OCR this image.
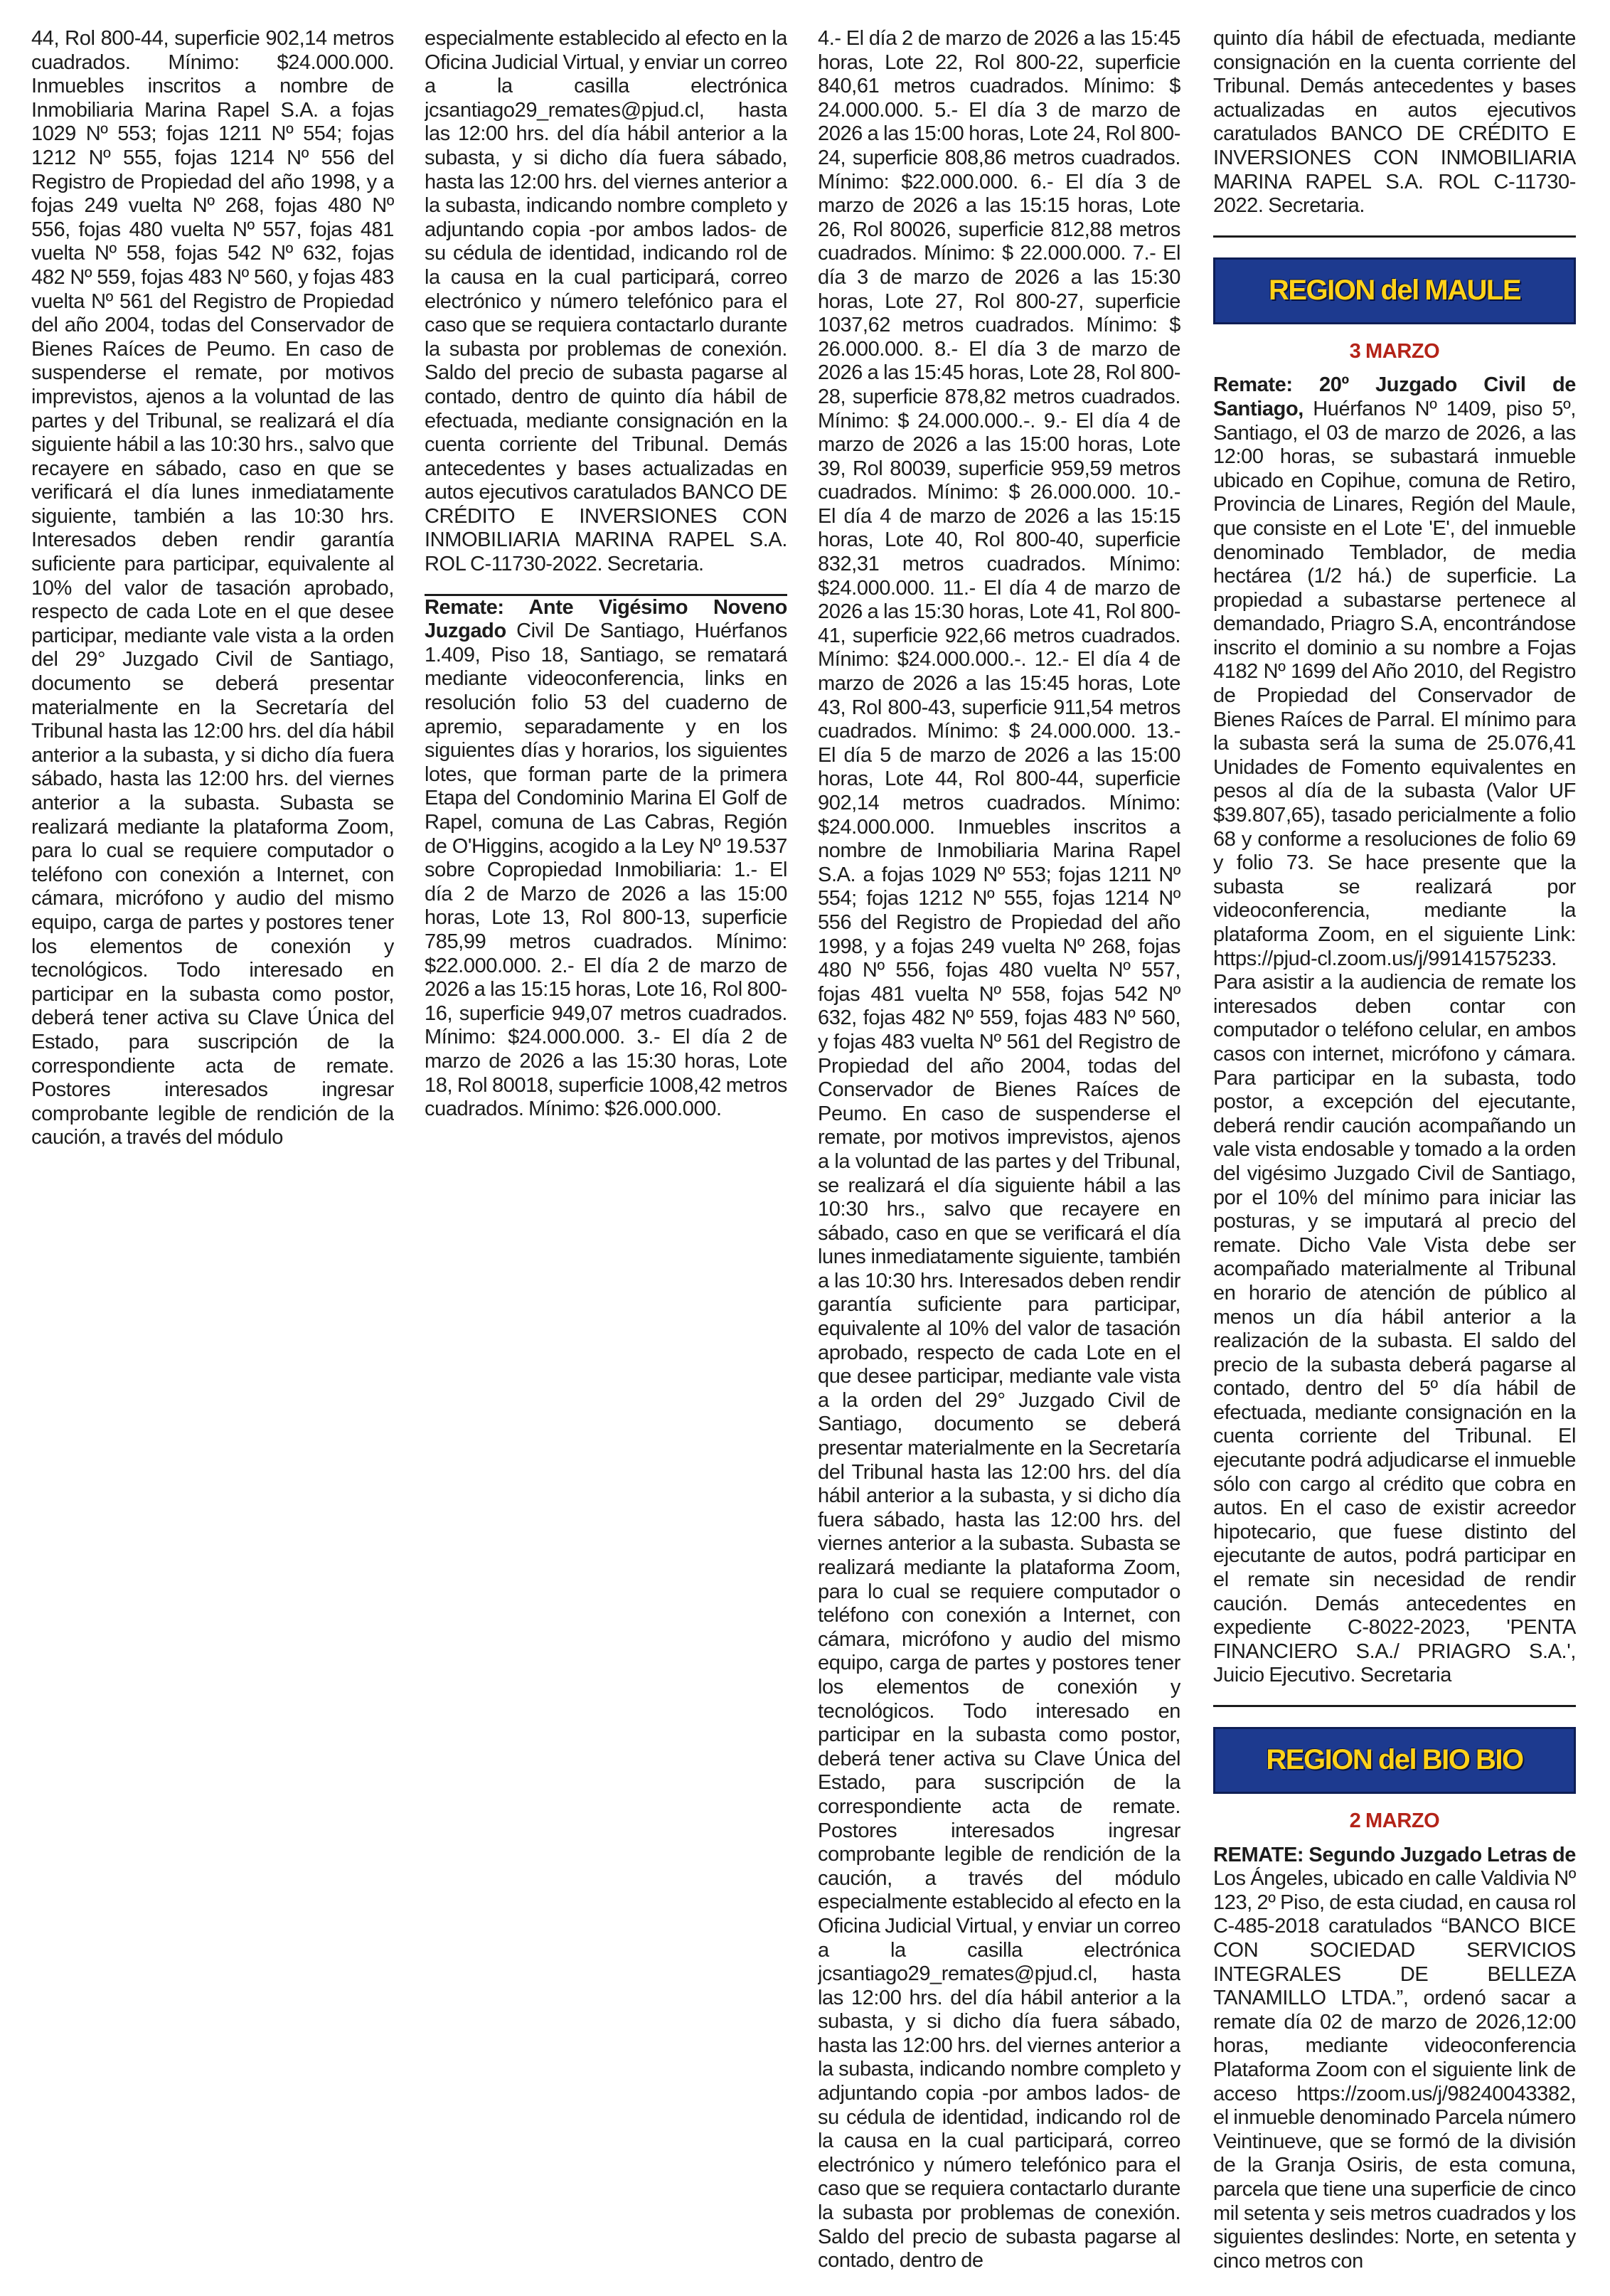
44, Rol 800-44, superficie 902,14 metros cuadrados. Mínimo: $24.000.000. Inmuebles inscritos a nombre de Inmobiliaria Marina Rapel S.A. a fojas 1029 Nº 553; fojas 1211 Nº 554; fojas 1212 Nº 555, fojas 1214 Nº 556 del Registro de Propiedad del año 1998, y a fojas 249 vuelta Nº 268, fojas 480 Nº 556, fojas 480 vuelta Nº 557, fojas 481 vuelta Nº 558, fojas 542 Nº 632, fojas 482 Nº 559, fojas 483 Nº 560, y fojas 483 vuelta Nº 561 del Registro de Propiedad del año 2004, todas del Conservador de Bienes Raíces de Peumo. En caso de suspenderse el remate, por motivos imprevistos, ajenos a la voluntad de las partes y del Tribunal, se realizará el día siguiente hábil a las 10:30 hrs., salvo que recayere en sábado, caso en que se verificará el día lunes inmediatamente siguiente, también a las 10:30 hrs. Interesados deben rendir garantía suficiente para participar, equivalente al 10% del valor de tasación aprobado, respecto de cada Lote en el que desee participar, mediante vale vista a la orden del 29° Juzgado Civil de Santiago, documento se deberá presentar materialmente en la Secretaría del Tribunal hasta las 12:00 hrs. del día hábil anterior a la subasta, y si dicho día fuera sábado, hasta las 12:00 hrs. del viernes anterior a la subasta. Subasta se realizará mediante la plataforma Zoom, para lo cual se requiere computador o teléfono con conexión a Internet, con cámara, micrófono y audio del mismo equipo, carga de partes y postores tener los elementos de conexión y tecnológicos. Todo interesado en participar en la subasta como postor, deberá tener activa su Clave Única del Estado, para suscripción de la correspondiente acta de remate. Postores interesados ingresar comprobante legible de rendición de la caución, a través del módulo

especialmente establecido al efecto en la Oficina Judicial Virtual, y enviar un correo a la casilla electrónica jcsantiago29_remates@pjud.cl, hasta las 12:00 hrs. del día hábil anterior a la subasta, y si dicho día fuera sábado, hasta las 12:00 hrs. del viernes anterior a la subasta, indicando nombre completo y adjuntando copia -por ambos lados- de su cédula de identidad, indicando rol de la causa en la cual participará, correo electrónico y número telefónico para el caso que se requiera contactarlo durante la subasta por problemas de conexión. Saldo del precio de subasta pagarse al contado, dentro de quinto día hábil de efectuada, mediante consignación en la cuenta corriente del Tribunal. Demás antecedentes y bases actualizadas en autos ejecutivos caratulados BANCO DE CRÉDITO E INVERSIONES CON INMOBILIARIA MARINA RAPEL S.A. ROL C-11730-2022. Secretaria.

Remate: Ante Vigésimo Noveno Juzgado Civil De Santiago, Huérfanos 1.409, Piso 18, Santiago, se rematará mediante videoconferencia, links en resolución folio 53 del cuaderno de apremio, separadamente y en los siguientes días y horarios, los siguientes lotes, que forman parte de la primera Etapa del Condominio Marina El Golf de Rapel, comuna de Las Cabras, Región de O'Higgins, acogido a la Ley Nº 19.537 sobre Copropiedad Inmobiliaria: 1.- El día 2 de Marzo de 2026 a las 15:00 horas, Lote 13, Rol 800-13, superficie 785,99 metros cuadrados. Mínimo: $22.000.000. 2.- El día 2 de marzo de 2026 a las 15:15 horas, Lote 16, Rol 800-16, superficie 949,07 metros cuadrados. Mínimo: $24.000.000. 3.- El día 2 de marzo de 2026 a las 15:30 horas, Lote 18, Rol 80018, superficie 1008,42 metros cuadrados. Mínimo: $26.000.000.

4.- El día 2 de marzo de 2026 a las 15:45 horas, Lote 22, Rol 800-22, superficie 840,61 metros cuadrados. Mínimo: $ 24.000.000. 5.- El día 3 de marzo de 2026 a las 15:00 horas, Lote 24, Rol 800-24, superficie 808,86 metros cuadrados. Mínimo: $22.000.000. 6.- El día 3 de marzo de 2026 a las 15:15 horas, Lote 26, Rol 80026, superficie 812,88 metros cuadrados. Mínimo: $ 22.000.000. 7.- El día 3 de marzo de 2026 a las 15:30 horas, Lote 27, Rol 800-27, superficie 1037,62 metros cuadrados. Mínimo: $ 26.000.000. 8.- El día 3 de marzo de 2026 a las 15:45 horas, Lote 28, Rol 800-28, superficie 878,82 metros cuadrados. Mínimo: $ 24.000.000.-. 9.- El día 4 de marzo de 2026 a las 15:00 horas, Lote 39, Rol 80039, superficie 959,59 metros cuadrados. Mínimo: $ 26.000.000. 10.- El día 4 de marzo de 2026 a las 15:15 horas, Lote 40, Rol 800-40, superficie 832,31 metros cuadrados. Mínimo: $24.000.000. 11.- El día 4 de marzo de 2026 a las 15:30 horas, Lote 41, Rol 800-41, superficie 922,66 metros cuadrados. Mínimo: $24.000.000.-. 12.- El día 4 de marzo de 2026 a las 15:45 horas, Lote 43, Rol 800-43, superficie 911,54 metros cuadrados. Mínimo: $ 24.000.000. 13.- El día 5 de marzo de 2026 a las 15:00 horas, Lote 44, Rol 800-44, superficie 902,14 metros cuadrados. Mínimo: $24.000.000. Inmuebles inscritos a nombre de Inmobiliaria Marina Rapel S.A. a fojas 1029 Nº 553; fojas 1211 Nº 554; fojas 1212 Nº 555, fojas 1214 Nº 556 del Registro de Propiedad del año 1998, y a fojas 249 vuelta Nº 268, fojas 480 Nº 556, fojas 480 vuelta Nº 557, fojas 481 vuelta Nº 558, fojas 542 Nº 632, fojas 482 Nº 559, fojas 483 Nº 560, y fojas 483 vuelta Nº 561 del Registro de Propiedad del año 2004, todas del Conservador de Bienes Raíces de Peumo. En caso de suspenderse el remate, por motivos imprevistos, ajenos a la voluntad de las partes y del Tribunal, se realizará el día siguiente hábil a las 10:30 hrs., salvo que recayere en sábado, caso en que se verificará el día lunes inmediatamente siguiente, también a las 10:30 hrs. Interesados deben rendir garantía suficiente para participar, equivalente al 10% del valor de tasación aprobado, respecto de cada Lote en el que desee participar, mediante vale vista a la orden del 29° Juzgado Civil de Santiago, documento se deberá presentar materialmente en la Secretaría del Tribunal hasta las 12:00 hrs. del día hábil anterior a la subasta, y si dicho día fuera sábado, hasta las 12:00 hrs. del viernes anterior a la subasta. Subasta se realizará mediante la plataforma Zoom, para lo cual se requiere computador o teléfono con conexión a Internet, con cámara, micrófono y audio del mismo equipo, carga de partes y postores tener los elementos de conexión y tecnológicos. Todo interesado en participar en la subasta como postor, deberá tener activa su Clave Única del Estado, para suscripción de la correspondiente acta de remate. Postores interesados ingresar comprobante legible de rendición de la caución, a través del módulo especialmente establecido al efecto en la Oficina Judicial Virtual, y enviar un correo a la casilla electrónica jcsantiago29_remates@pjud.cl, hasta las 12:00 hrs. del día hábil anterior a la subasta, y si dicho día fuera sábado, hasta las 12:00 hrs. del viernes anterior a la subasta, indicando nombre completo y adjuntando copia -por ambos lados- de su cédula de identidad, indicando rol de la causa en la cual participará, correo electrónico y número telefónico para el caso que se requiera contactarlo durante la subasta por problemas de conexión. Saldo del precio de subasta pagarse al contado, dentro de

quinto día hábil de efectuada, mediante consignación en la cuenta corriente del Tribunal. Demás antecedentes y bases actualizadas en autos ejecutivos caratulados BANCO DE CRÉDITO E INVERSIONES CON INMOBILIARIA MARINA RAPEL S.A. ROL C-11730-2022. Secretaria.

REGION del MAULE
3 MARZO

Remate: 20º Juzgado Civil de Santiago, Huérfanos Nº 1409, piso 5º, Santiago, el 03 de marzo de 2026, a las 12:00 horas, se subastará inmueble ubicado en Copihue, comuna de Retiro, Provincia de Linares, Región del Maule, que consiste en el Lote 'E', del inmueble denominado Temblador, de media hectárea (1/2 há.) de superficie. La propiedad a subastarse pertenece al demandado, Priagro S.A, encontrándose inscrito el dominio a su nombre a Fojas 4182 Nº 1699 del Año 2010, del Registro de Propiedad del Conservador de Bienes Raíces de Parral. El mínimo para la subasta será la suma de 25.076,41 Unidades de Fomento equivalentes en pesos al día de la subasta (Valor UF $39.807,65), tasado pericialmente a folio 68 y conforme a resoluciones de folio 69 y folio 73. Se hace presente que la subasta se realizará por videoconferencia, mediante la plataforma Zoom, en el siguiente Link: https://pjud-cl.zoom.us/j/99141575233. Para asistir a la audiencia de remate los interesados deben contar con computador o teléfono celular, en ambos casos con internet, micrófono y cámara. Para participar en la subasta, todo postor, a excepción del ejecutante, deberá rendir caución acompañando un vale vista endosable y tomado a la orden del vigésimo Juzgado Civil de Santiago, por el 10% del mínimo para iniciar las posturas, y se imputará al precio del remate. Dicho Vale Vista debe ser acompañado materialmente al Tribunal en horario de atención de público al menos un día hábil anterior a la realización de la subasta. El saldo del precio de la subasta deberá pagarse al contado, dentro del 5º día hábil de efectuada, mediante consignación en la cuenta corriente del Tribunal. El ejecutante podrá adjudicarse el inmueble sólo con cargo al crédito que cobra en autos. En el caso de existir acreedor hipotecario, que fuese distinto del ejecutante de autos, podrá participar en el remate sin necesidad de rendir caución. Demás antecedentes en expediente C-8022-2023, 'PENTA FINANCIERO S.A./ PRIAGRO S.A.', Juicio Ejecutivo. Secretaria

REGION del BIO BIO
2 MARZO

REMATE: Segundo Juzgado Letras de Los Ángeles, ubicado en calle Valdivia Nº 123, 2º Piso, de esta ciudad, en causa rol C-485-2018 caratulados “BANCO BICE CON SOCIEDAD SERVICIOS INTEGRALES DE BELLEZA TANAMILLO LTDA.”, ordenó sacar a remate día 02 de marzo de 2026,12:00 horas, mediante videoconferencia Plataforma Zoom con el siguiente link de acceso https://zoom.us/j/98240043382, el inmueble denominado Parcela número Veintinueve, que se formó de la división de la Granja Osiris, de esta comuna, parcela que tiene una superficie de cinco mil setenta y seis metros cuadrados y los siguientes deslindes: Norte, en setenta y cinco metros con
